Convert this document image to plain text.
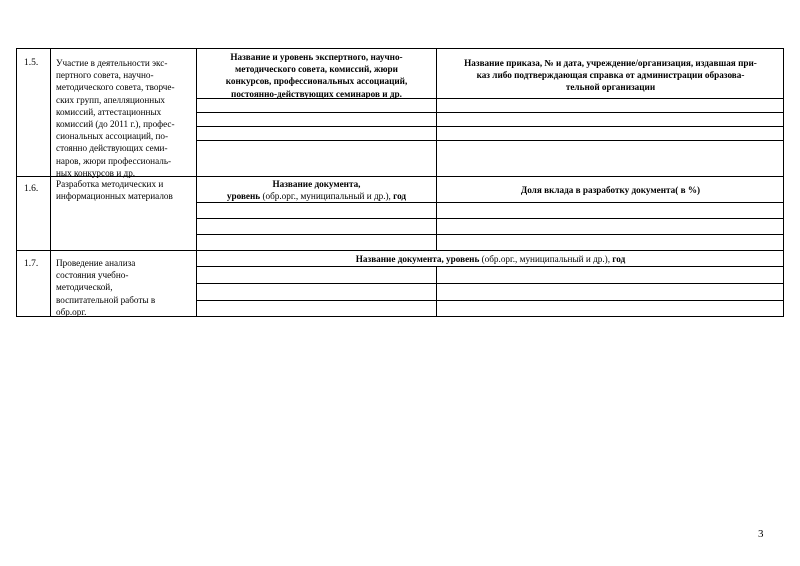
1.5. Участие в деятельности экс-
пертного совета, научно-
методического совета, творче-
ских групп, апелляционных
комиссий, аттестационных
комиссий (до 2011 г.), профес-
сиональных ассоциаций, по-
стоянно действующих семи-
наров, жюри профессиональ-
ных конкурсов и др.
Название и уровень экспертного, научно-
методического совета, комиссий, жюри
конкурсов, профессиональных ассоциаций,
постоянно-действующих семинаров и др.
Название приказа, № и дата, учреждение/организация, издавшая при-
каз либо подтверждающая справка от администрации образова-
тельной организации
1.6. Разработка методических и
информационных материалов
Название документа,
уровень (обр.орг., муниципальный и др.), год
Доля вклада в разработку документа( в %)
1.7. Проведение анализа
состояния учебно-
методической,
воспитательной работы в
обр.орг.
Название документа, уровень (обр.орг., муниципальный и др.), год
3
